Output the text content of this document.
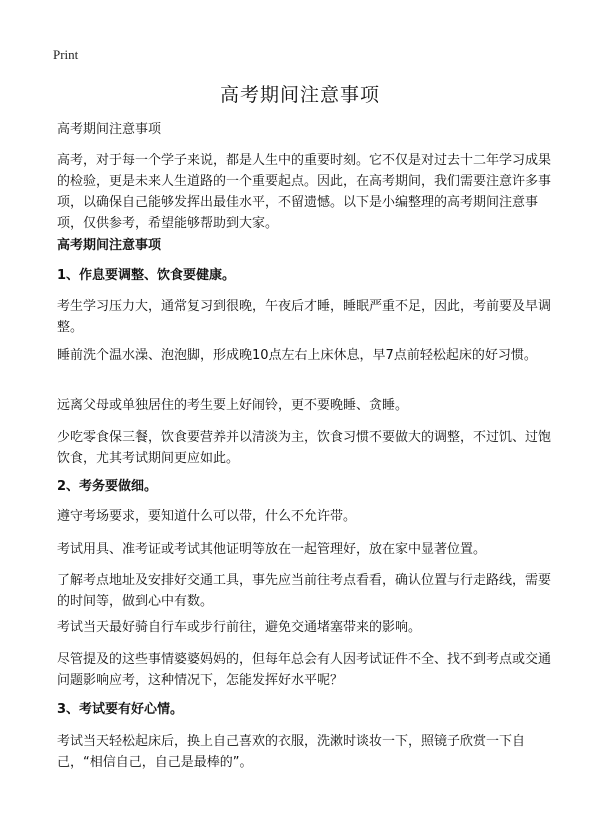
Print
高考期间注意事项

高考期间注意事项

高考，对于每一个学子来说，都是人生中的重要时刻。它不仅是对过去十二年学习成果的检验，更是未来人生道路的一个重要起点。因此，在高考期间，我们需要注意许多事项，以确保自己能够发挥出最佳水平，不留遗憾。以下是小编整理的高考期间注意事项，仅供参考，希望能够帮助到大家。

高考期间注意事项

1、作息要调整、饮食要健康。

考生学习压力大，通常复习到很晚，午夜后才睡，睡眠严重不足，因此，考前要及早调整。

睡前洗个温水澡、泡泡脚，形成晚10点左右上床休息，早7点前轻松起床的好习惯。

远离父母或单独居住的考生要上好闹铃，更不要晚睡、贪睡。

少吃零食保三餐，饮食要营养并以清淡为主，饮食习惯不要做大的调整，不过饥、过饱饮食，尤其考试期间更应如此。

2、考务要做细。

遵守考场要求，要知道什么可以带，什么不允许带。

考试用具、准考证或考试其他证明等放在一起管理好，放在家中显著位置。

了解考点地址及安排好交通工具，事先应当前往考点看看，确认位置与行走路线，需要的时间等，做到心中有数。

考试当天最好骑自行车或步行前往，避免交通堵塞带来的影响。

尽管提及的这些事情婆婆妈妈的，但每年总会有人因考试证件不全、找不到考点或交通问题影响应考，这种情况下，怎能发挥好水平呢？

3、考试要有好心情。

考试当天轻松起床后，换上自己喜欢的衣服，洗漱时谈妆一下，照镜子欣赏一下自己，“相信自己，自己是最棒的”。
